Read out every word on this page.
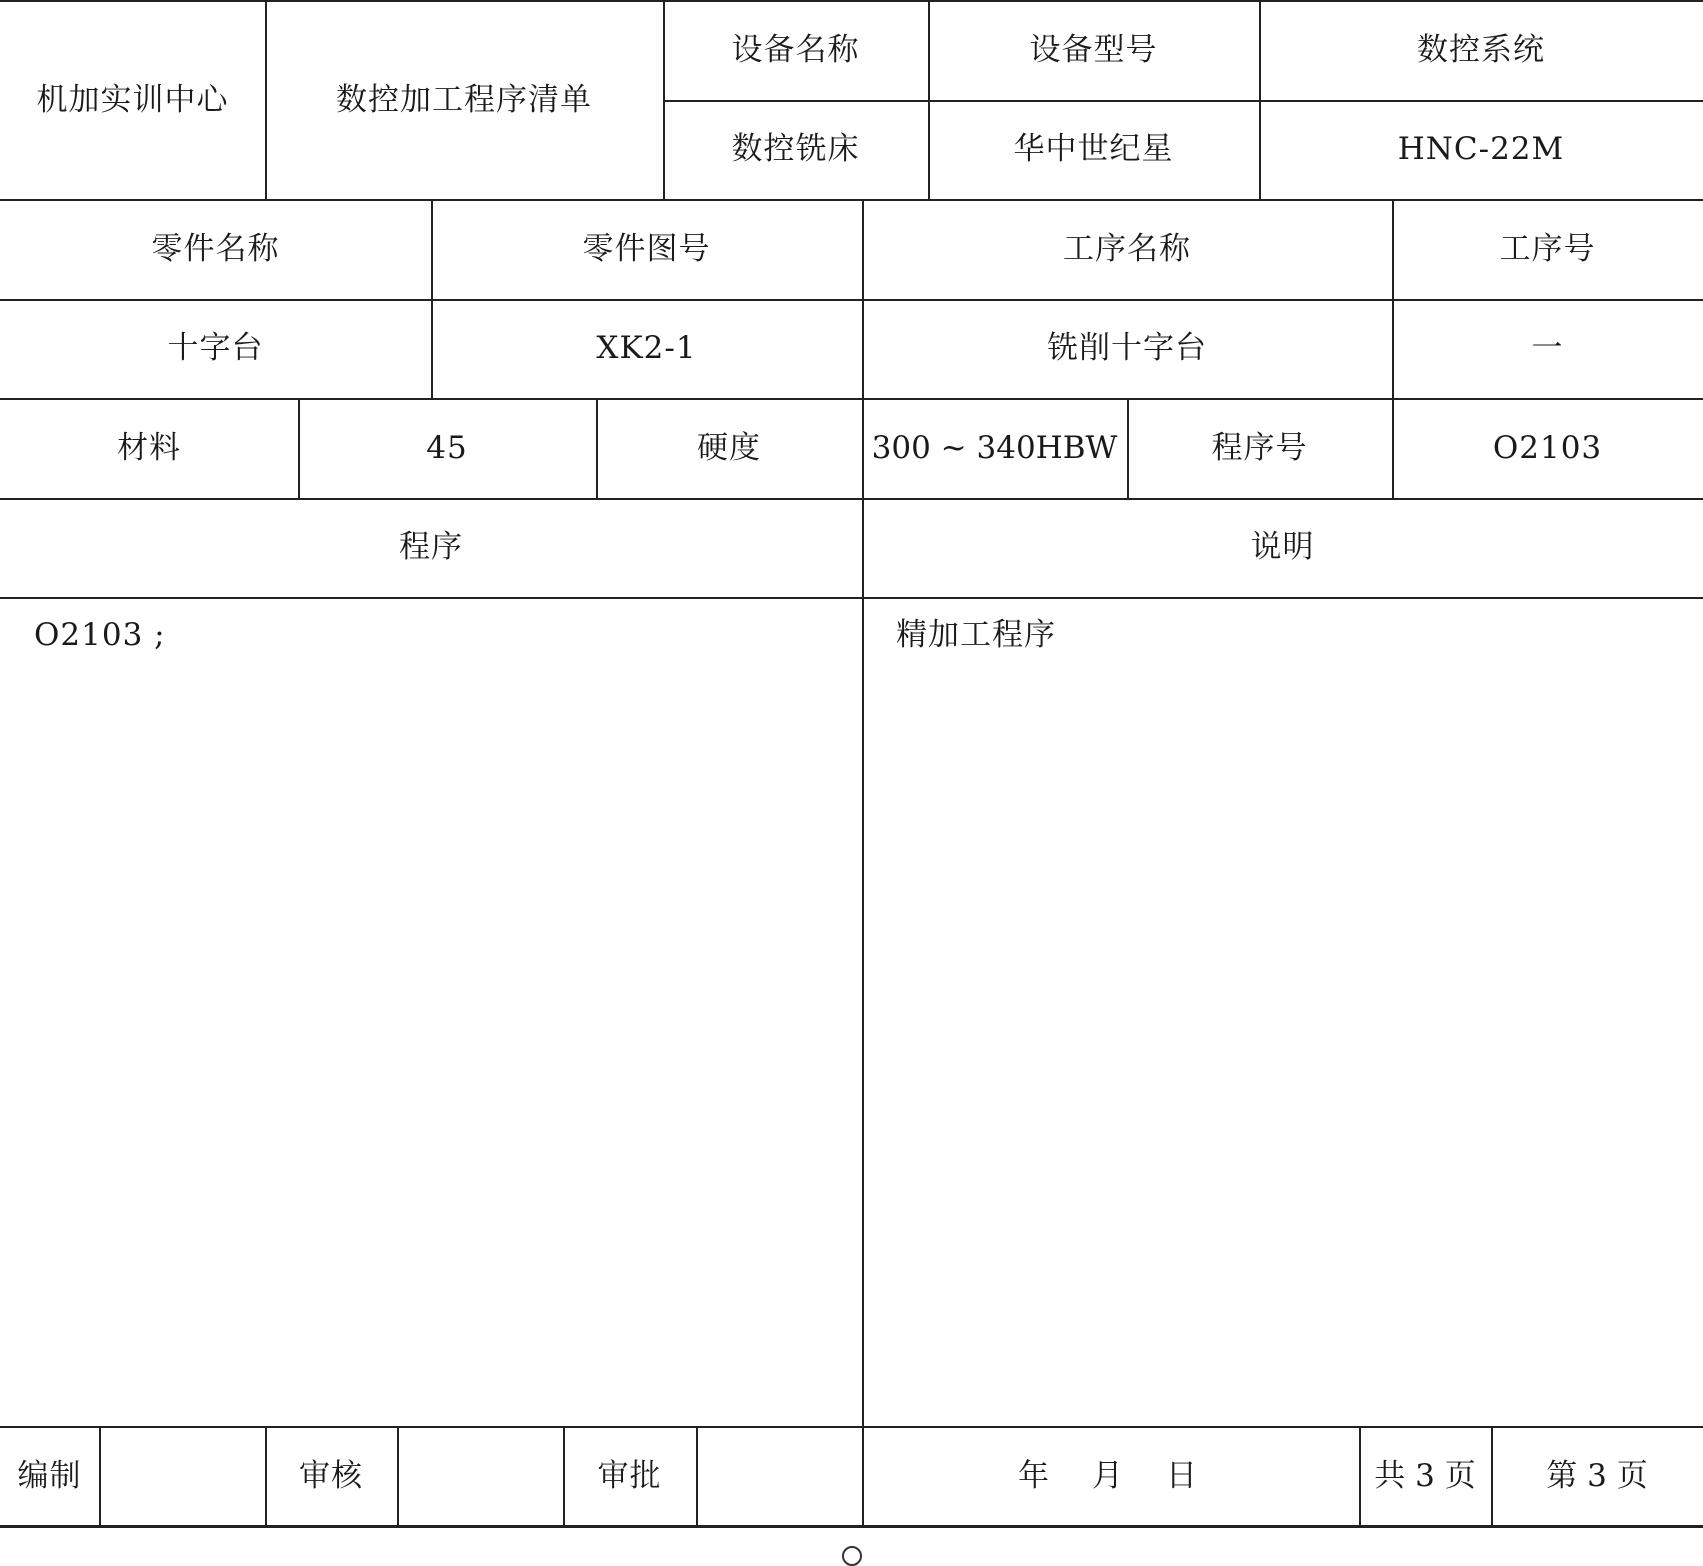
机加实训中心	数控加工程序清单
设备名称	设备型号	数控系统
数控铣床	华中世纪星	HNC-22M
零件名称	零件图号	工序名称	工序号
十字台	XK2-1	铣削十字台	一
材料	45	硬度	300 ~ 340HBW	程序号	O2103
程序	说明
O2103 ;	精加工程序
编制	审核	审批	年　月　日	共 3 页	第 3 页
